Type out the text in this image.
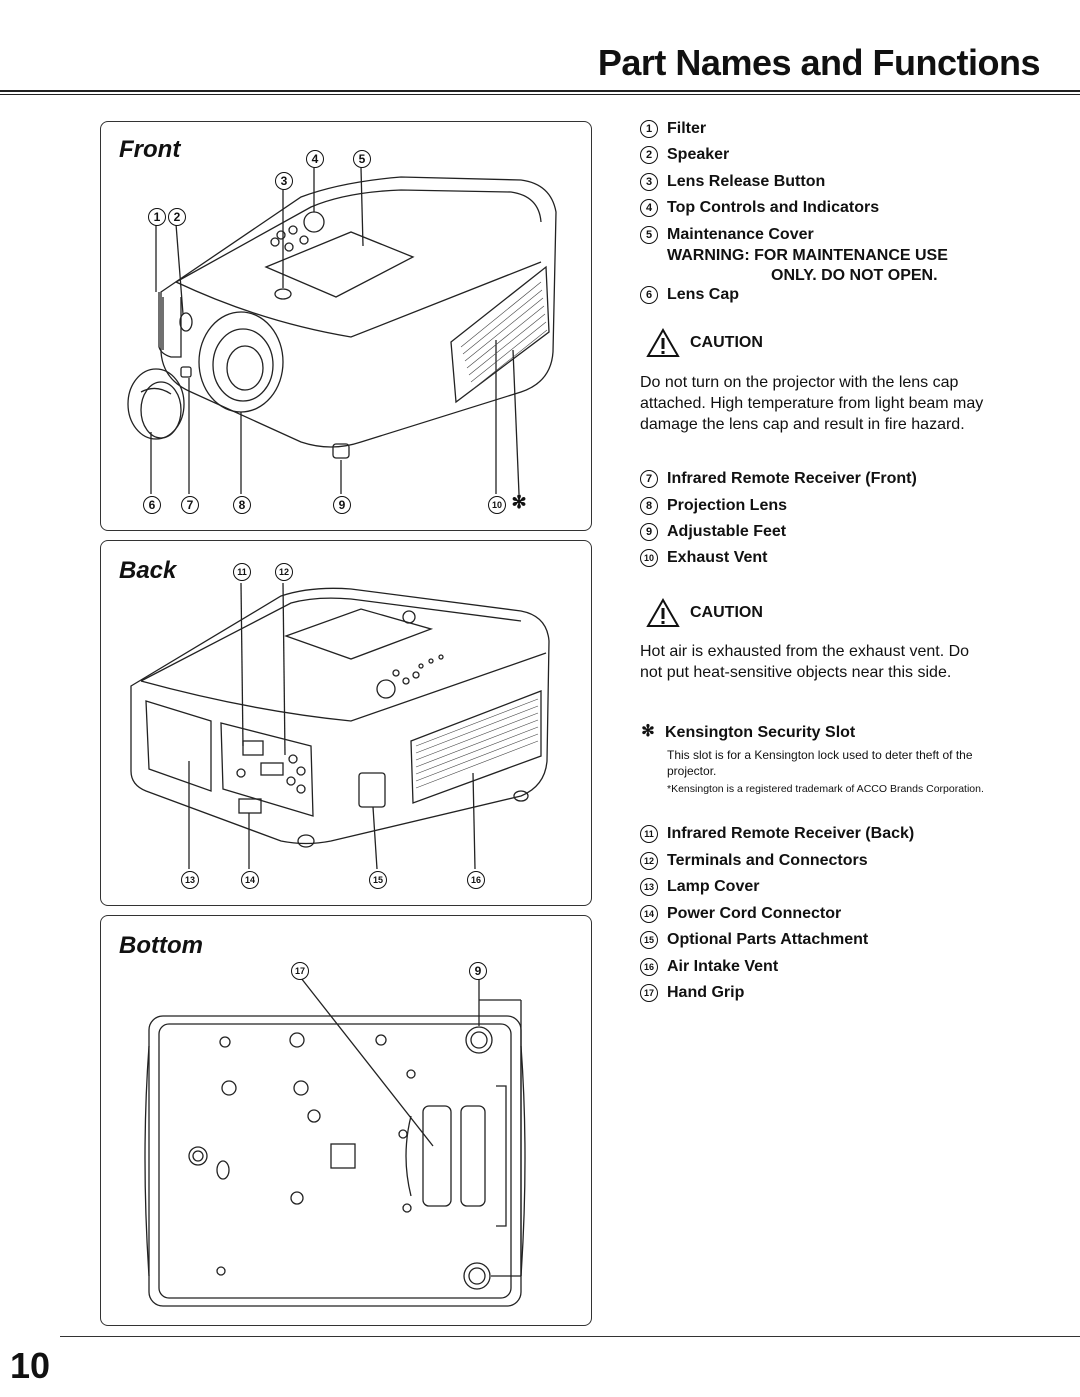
Part Names and Functions
Front
1	2
3
4	5
6	7	8	9	10 ✻
Back	11	12
13	14	15	16
Bottom
17	9
1 Filter
2 Speaker
3 Lens Release Button
4 Top Controls and Indicators
5 Maintenance Cover
WARNING: FOR MAINTENANCE USE
ONLY. DO NOT OPEN.
6 Lens Cap
CAUTION

Do not turn on the projector with the lens cap attached. High temperature from light beam may damage the lens cap and result in fire hazard.

7 Infrared Remote Receiver (Front)
8 Projection Lens
9 Adjustable Feet
10 Exhaust Vent
CAUTION

Hot air is exhausted from the exhaust vent. Do not put heat-sensitive objects near this side.

✻ Kensington Security Slot

This slot is for a Kensington lock used to deter theft of the projector.

*Kensington is a registered trademark of ACCO Brands Corporation.

11 Infrared Remote Receiver (Back)
12 Terminals and Connectors
13 Lamp Cover
14 Power Cord Connector
15 Optional Parts Attachment
16 Air Intake Vent
17 Hand Grip
10
